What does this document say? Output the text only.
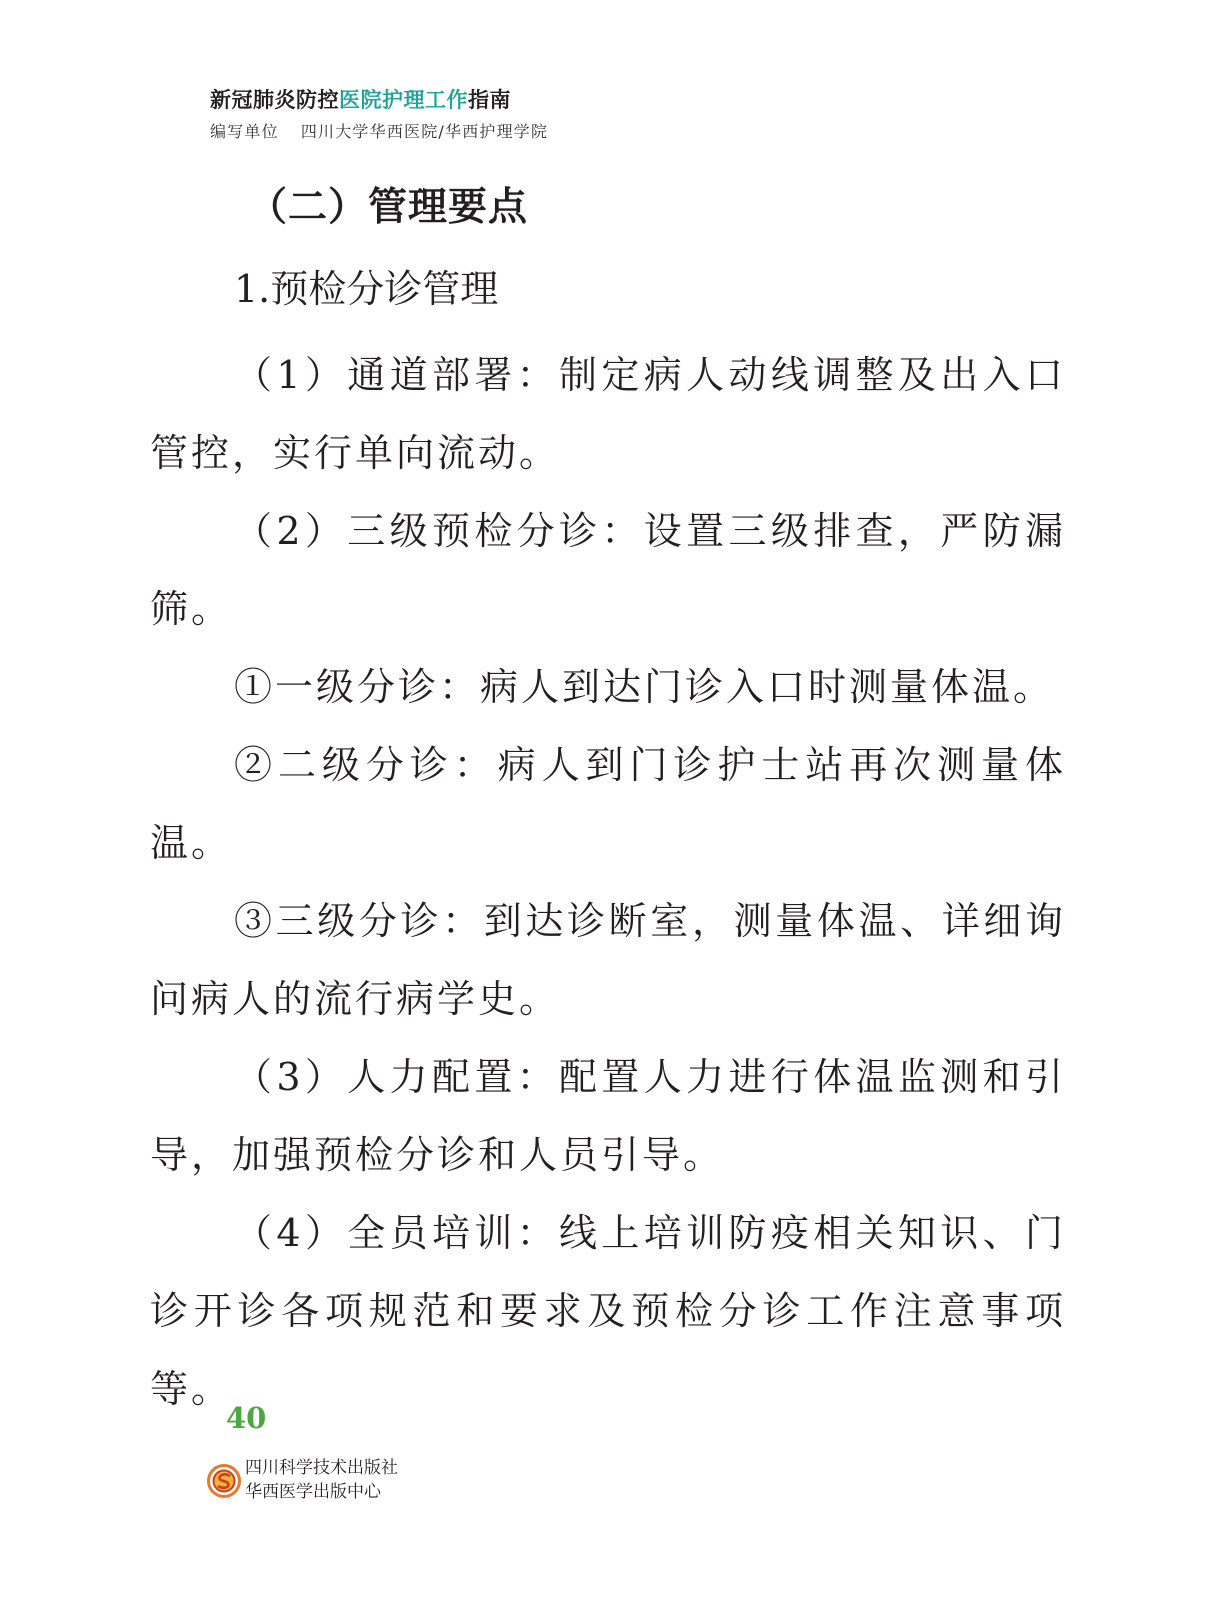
新冠肺炎防控医院护理工作指南
编写单位 四川大学华西医院/华西护理学院
（二）管理要点
1.预检分诊管理

（1）通道部署：制定病人动线调整及出入口管控，实行单向流动。

（2）三级预检分诊：设置三级排查，严防漏筛。

①一级分诊：病人到达门诊入口时测量体温。

②二级分诊：病人到门诊护士站再次测量体温。

③三级分诊：到达诊断室，测量体温、详细询问病人的流行病学史。

（3）人力配置：配置人力进行体温监测和引导，加强预检分诊和人员引导。

（4）全员培训：线上培训防疫相关知识、门诊开诊各项规范和要求及预检分诊工作注意事项等。

40
四川科学技术出版社
华西医学出版中心
